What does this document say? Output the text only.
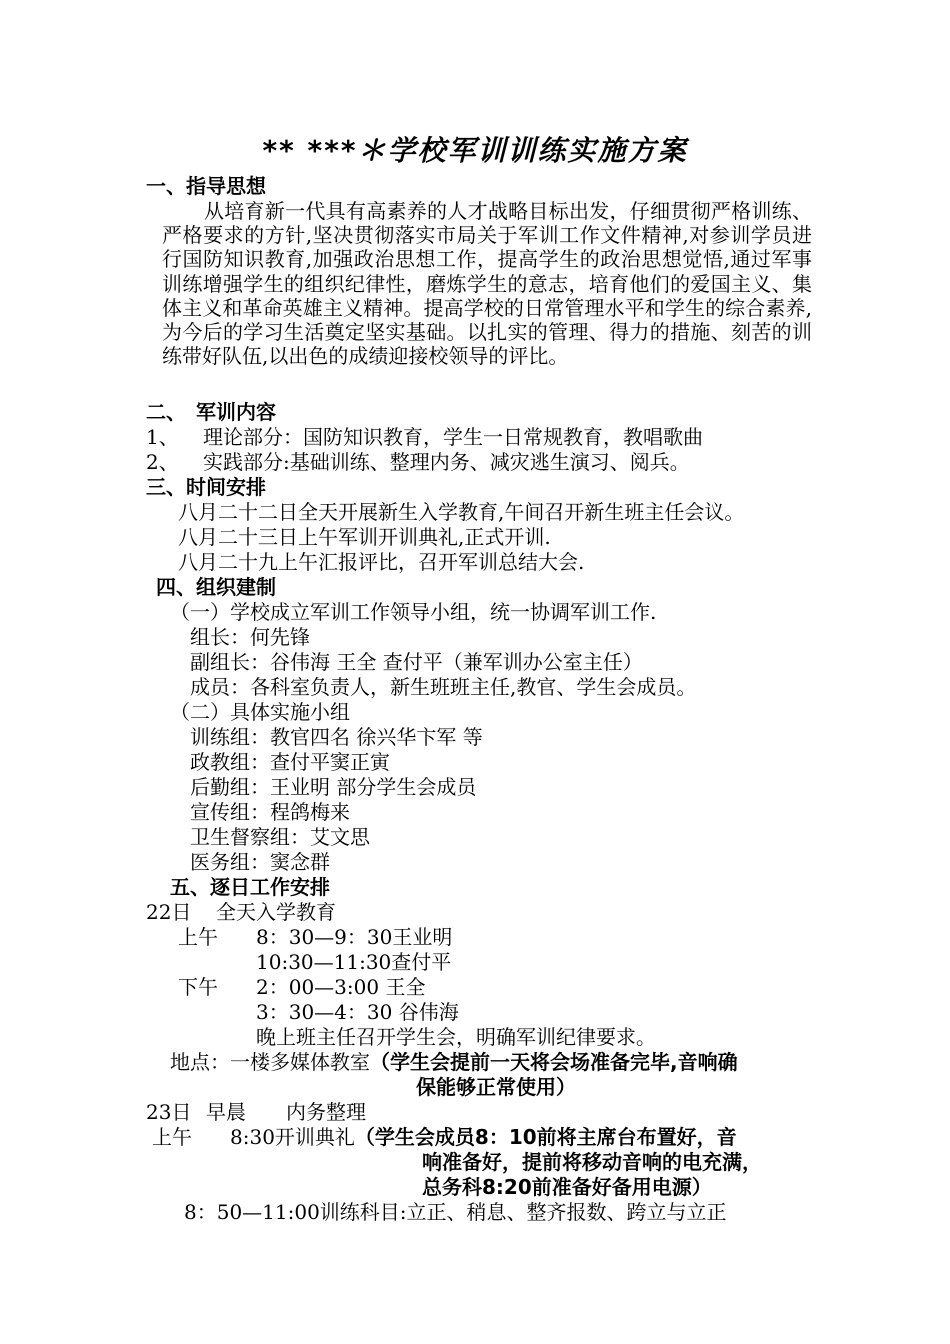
** ***＊学校军训训练实施方案
一、指导思想
从培育新一代具有高素养的人才战略目标出发，仔细贯彻严格训练、严格要求的方针,坚决贯彻落实市局关于军训工作文件精神,对参训学员进行国防知识教育,加强政治思想工作，提高学生的政治思想觉悟,通过军事训练增强学生的组织纪律性，磨炼学生的意志，培育他们的爱国主义、集体主义和革命英雄主义精神。提高学校的日常管理水平和学生的综合素养,为今后的学习生活奠定坚实基础。以扎实的管理、得力的措施、刻苦的训练带好队伍,以出色的成绩迎接校领导的评比。
二、　军训内容
1、 理论部分：国防知识教育，学生一日常规教育，教唱歌曲
2、 实践部分:基础训练、整理内务、减灾逃生演习、阅兵。
三、时间安排
八月二十二日全天开展新生入学教育,午间召开新生班主任会议。
八月二十三日上午军训开训典礼,正式开训.
八月二十九上午汇报评比，召开军训总结大会.
四、组织建制
（一）学校成立军训工作领导小组，统一协调军训工作.
组长：何先锋
副组长：谷伟海 王全 查付平（兼军训办公室主任）
成员：各科室负责人，新生班班主任,教官、学生会成员。
（二）具体实施小组
训练组：教官四名 徐兴华卞军 等
政教组：查付平窦正寅
后勤组：王业明 部分学生会成员
宣传组：程鸽梅来
卫生督察组：艾文思
医务组：窦念群
五、逐日工作安排
22日 全天入学教育
上午 8：30—9：30王业明
10:30—11:30查付平
下午 2：00—3:00 王全
3：30—4：30 谷伟海
晚上班主任召开学生会，明确军训纪律要求。
地点：一楼多媒体教室（学生会提前一天将会场准备完毕,音响确
保能够正常使用）
23日 早晨 内务整理
上午 8:30开训典礼（学生会成员8：10前将主席台布置好，音
响准备好，提前将移动音响的电充满，
总务科8:20前准备好备用电源）
8：50—11:00训练科目:立正、稍息、整齐报数、跨立与立正
